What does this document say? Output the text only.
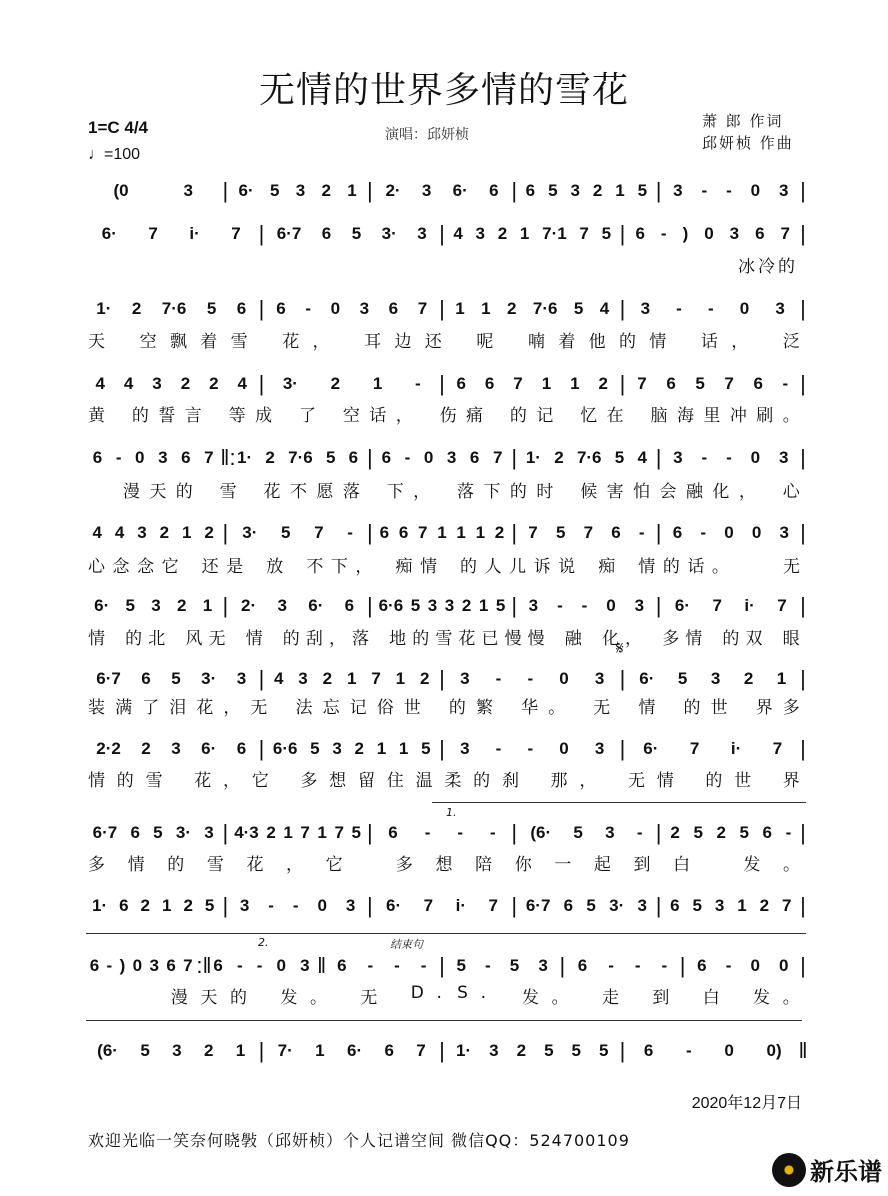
无情的世界多情的雪花
1=C 4/4
♩=100
演唱：邱妍桢
萧 郎 作词
邱妍桢 作曲
(0	3 | 6· 5 3 2 1 | 2· 3 6· 6 | 6 5 3 2 1 5 | 3 - - 0 3 |
6· 7 i· 7 | 6·7 6 5 3· 3 | 4 3 2 1 7·1 7 5 | 6 - ) 0 3 6 7 |
冰冷的
1· 2 7·6 5 6 | 6 - 0 3 6 7 | 1 1 2 7·6 5 4 | 3 - - 0 3 |
天
空 飘 着 雪
花 ，
耳 边 还
呢
喃 着 他 的 情
话 ，
泛
4 4 3 2 2 4 | 3· 2 1 - | 6 6 7 1 1 2 | 7 6 5 7 6 - |
黄
的 誓 言
等 成
了
空 话 ，
伤 痛
的 记
忆 在
脑 海 里 冲 刷 。
6 - 0 3 6 7 ‖: 1· 2 7·6 5 6 | 6 - 0 3 6 7 | 1· 2 7·6 5 4 | 3 - - 0 3 |

漫 天 的
雪
花 不 愿 落
下 ，
落 下 的 时
候 害 怕 会 融 化 ，
心
4 4 3 2 1 2 | 3· 5 7 - | 6 6 7 1 1 1 2 | 7 5 7 6 - | 6 - 0 0 3 |
心 念 念 它
还 是
放
不 下 ，
痴 情
的 人 儿 诉 说
痴
情 的 话 。

	无
6· 5 3 2 1 | 2· 3 6· 6 | 6·6 5 3 3 2 1 5 | 3 - - 0 3 | 6· 7 i· 7 |
情
的 北
风 无
情
的 刮 ， 落
地 的 雪 花 已 慢 慢
融
化 ，
多 情
的 双
眼
6·7 6 5 3· 3 | 4 3 2 1 7 1 2 | 3 - - 0 3 | 6· 5 3 2 1 |
装 满 了 泪 花 ， 无
法 忘 记 俗 世
的 繁
华 。
无
情
的 世
界 多
𝄋
2·2 2 3 6· 6 | 6·6 5 3 2 1 1 5 | 3 - - 0 3 | 6· 7 i· 7 |
情 的 雪
花 ， 它
多 想 留 住 温 柔 的 刹
那 ，
无 情
的 世
界
6·7 6 5 3· 3 | 4·3 2 1 7 1 7 5 | 6 - - - | (6· 5 3 - | 2 5 2 5 6 - |
多 情 的 雪 花 ， 它
	多 想 陪 你 一 起 到 白
	发 。
1.
1· 6 2 1 2 5 | 3 - - 0 3 | 6· 7 i· 7 | 6·7 6 5 3· 3 | 6 5 3 1 2 7 |
6 - ) 0 3 6 7 :‖ 6 - - 0 3 ‖ 6 - - - | 5 - 5 3 | 6 - - - | 6 - 0 0 |

漫 天 的
发 。
无
D . S .
发 。
走
到
白
发 。
2.	结束句
(6· 5 3 2 1 | 7· 1 6· 6 7 | 1· 3 2 5 5 5 | 6 - 0 0) ‖
2020年12月7日
欢迎光临一笑奈何晓斅（邱妍桢）个人记谱空间 微信QQ：524700109
新乐谱
